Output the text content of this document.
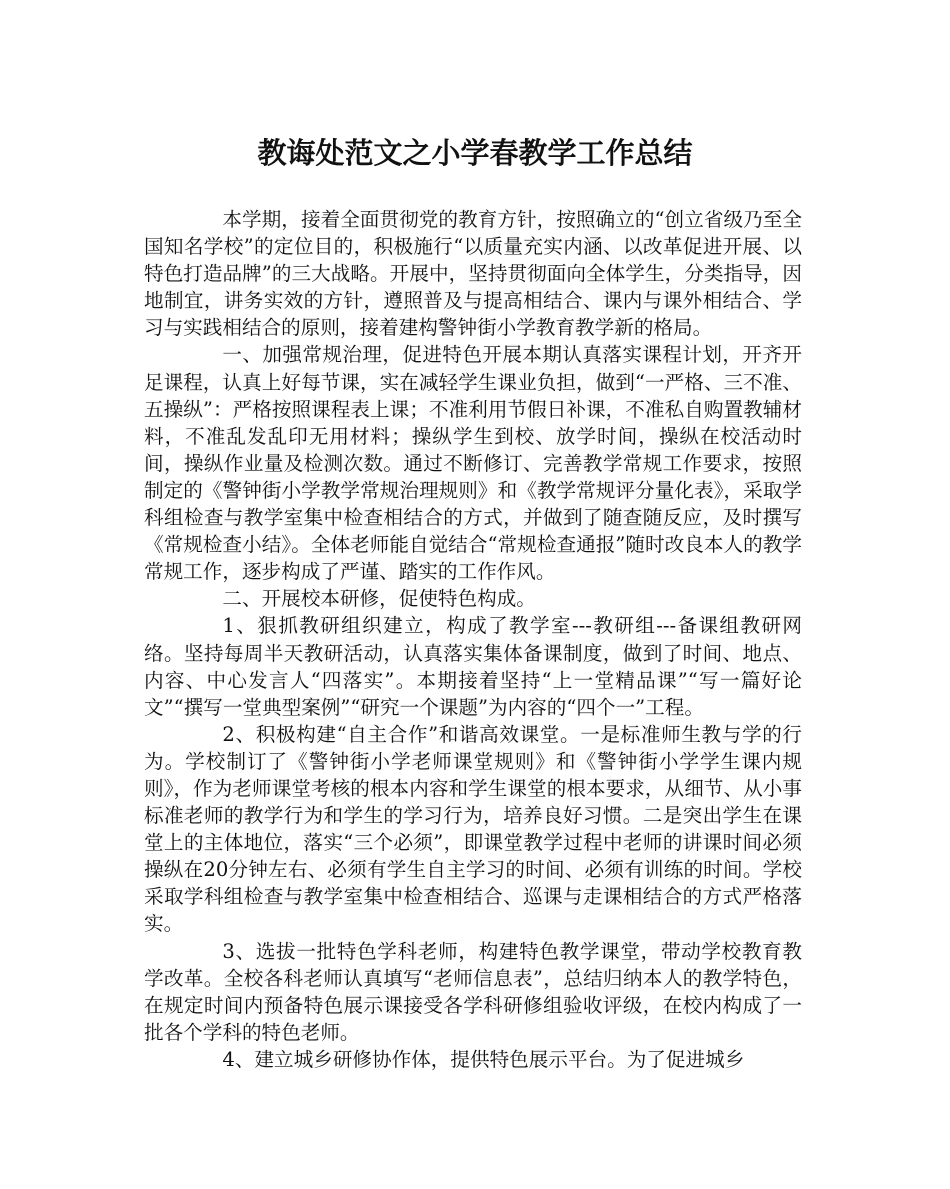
教诲处范文之小学春教学工作总结

本学期，接着全面贯彻党的教育方针，按照确立的“创立省级乃至全国知名学校”的定位目的，积极施行“以质量充实内涵、以改革促进开展、以特色打造品牌”的三大战略。开展中，坚持贯彻面向全体学生，分类指导，因地制宜，讲务实效的方针，遵照普及与提高相结合、课内与课外相结合、学习与实践相结合的原则，接着建构警钟街小学教育教学新的格局。

一、加强常规治理，促进特色开展本期认真落实课程计划，开齐开足课程，认真上好每节课，实在减轻学生课业负担，做到“一严格、三不准、五操纵”：严格按照课程表上课；不准利用节假日补课，不准私自购置教辅材料，不准乱发乱印无用材料；操纵学生到校、放学时间，操纵在校活动时间，操纵作业量及检测次数。通过不断修订、完善教学常规工作要求，按照制定的《警钟街小学教学常规治理规则》和《教学常规评分量化表》，采取学科组检查与教学室集中检查相结合的方式，并做到了随查随反应，及时撰写《常规检查小结》。全体老师能自觉结合“常规检查通报”随时改良本人的教学常规工作，逐步构成了严谨、踏实的工作作风。

二、开展校本研修，促使特色构成。

1、狠抓教研组织建立，构成了教学室---教研组---备课组教研网络。坚持每周半天教研活动，认真落实集体备课制度，做到了时间、地点、内容、中心发言人“四落实”。本期接着坚持“上一堂精品课”“写一篇好论文”“撰写一堂典型案例”“研究一个课题”为内容的“四个一”工程。

2、积极构建“自主合作”和谐高效课堂。一是标准师生教与学的行为。学校制订了《警钟街小学老师课堂规则》和《警钟街小学学生课内规则》，作为老师课堂考核的根本内容和学生课堂的根本要求，从细节、从小事标准老师的教学行为和学生的学习行为，培养良好习惯。二是突出学生在课堂上的主体地位，落实“三个必须”，即课堂教学过程中老师的讲课时间必须操纵在20分钟左右、必须有学生自主学习的时间、必须有训练的时间。学校采取学科组检查与教学室集中检查相结合、巡课与走课相结合的方式严格落实。

3、选拔一批特色学科老师，构建特色教学课堂，带动学校教育教学改革。全校各科老师认真填写“老师信息表”，总结归纳本人的教学特色，在规定时间内预备特色展示课接受各学科研修组验收评级，在校内构成了一批各个学科的特色老师。

4、建立城乡研修协作体，提供特色展示平台。为了促进城乡
